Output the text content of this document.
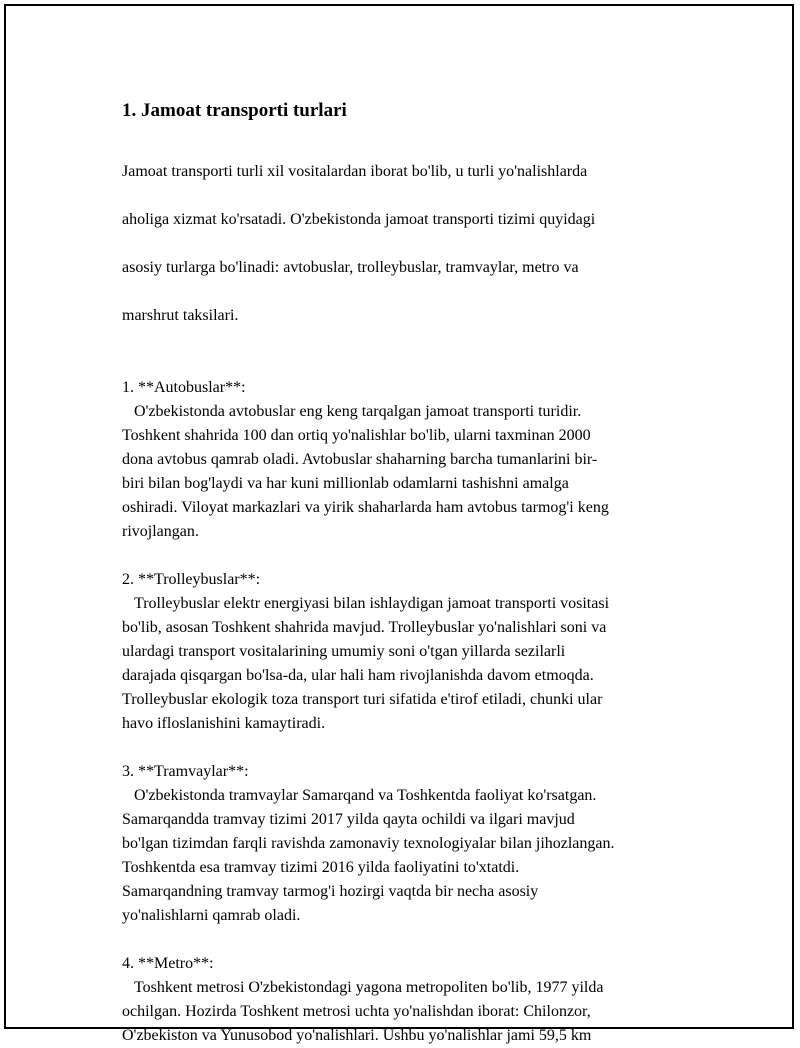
1. Jamoat transporti turlari

Jamoat transporti turli xil vositalardan iborat bo'lib, u turli yo'nalishlarda

aholiga xizmat ko'rsatadi. O'zbekistonda jamoat transporti tizimi quyidagi

asosiy turlarga bo'linadi: avtobuslar, trolleybuslar, tramvaylar, metro va

marshrut taksilari.

1. **Autobuslar**:
O'zbekistonda avtobuslar eng keng tarqalgan jamoat transporti turidir.
Toshkent shahrida 100 dan ortiq yo'nalishlar bo'lib, ularni taxminan 2000
dona avtobus qamrab oladi. Avtobuslar shaharning barcha tumanlarini bir-
biri bilan bog'laydi va har kuni millionlab odamlarni tashishni amalga
oshiradi. Viloyat markazlari va yirik shaharlarda ham avtobus tarmog'i keng
rivojlangan.
2. **Trolleybuslar**:
Trolleybuslar elektr energiyasi bilan ishlaydigan jamoat transporti vositasi
bo'lib, asosan Toshkent shahrida mavjud. Trolleybuslar yo'nalishlari soni va
ulardagi transport vositalarining umumiy soni o'tgan yillarda sezilarli
darajada qisqargan bo'lsa-da, ular hali ham rivojlanishda davom etmoqda.
Trolleybuslar ekologik toza transport turi sifatida e'tirof etiladi, chunki ular
havo ifloslanishini kamaytiradi.
3. **Tramvaylar**:
O'zbekistonda tramvaylar Samarqand va Toshkentda faoliyat ko'rsatgan.
Samarqandda tramvay tizimi 2017 yilda qayta ochildi va ilgari mavjud
bo'lgan tizimdan farqli ravishda zamonaviy texnologiyalar bilan jihozlangan.
Toshkentda esa tramvay tizimi 2016 yilda faoliyatini to'xtatdi.
Samarqandning tramvay tarmog'i hozirgi vaqtda bir necha asosiy
yo'nalishlarni qamrab oladi.
4. **Metro**:
Toshkent metrosi O'zbekistondagi yagona metropoliten bo'lib, 1977 yilda
ochilgan. Hozirda Toshkent metrosi uchta yo'nalishdan iborat: Chilonzor,
O'zbekiston va Yunusobod yo'nalishlari. Ushbu yo'nalishlar jami 59,5 km
